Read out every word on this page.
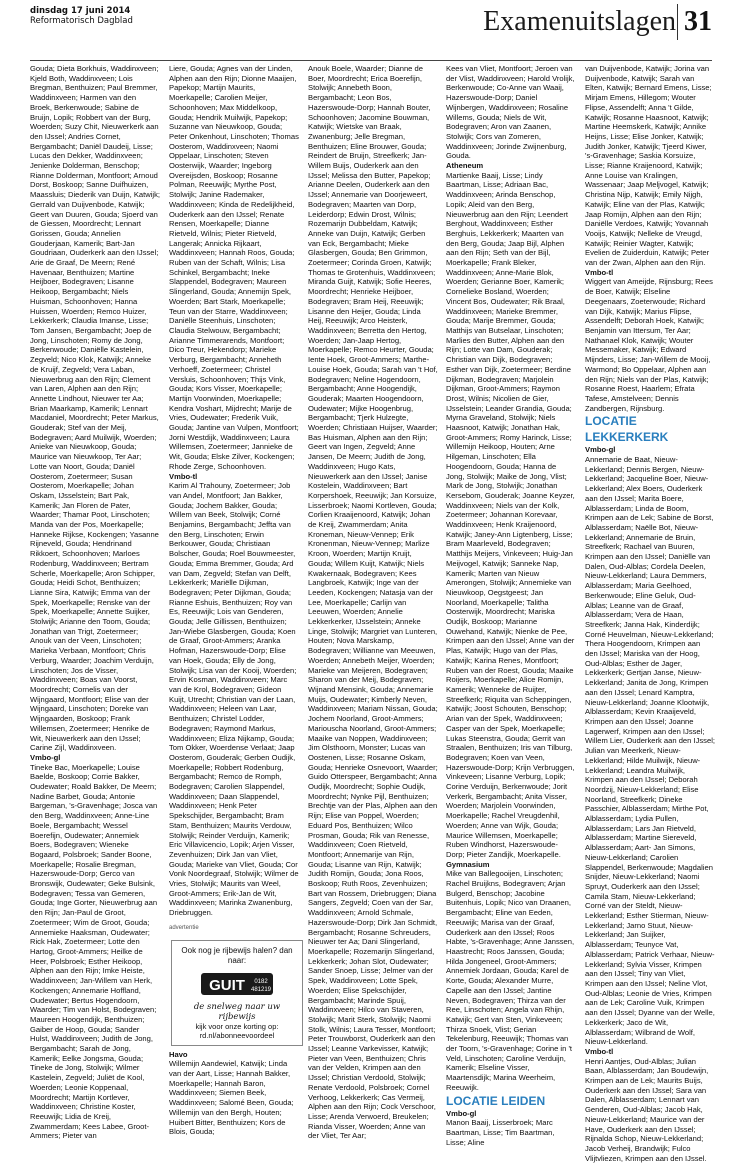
dinsdag 17 juni 2014
Reformatorisch Dagblad	Examenuitslagen 31

Gouda; Dieta Borkhuis, Waddinxveen; Kjeld Both, Waddinxveen; Lois Bregman, Benthuizen; Paul Bremmer, Waddinxveen; Harmen van den Broek, Berkenwoude; Sabine de Bruijn, Lopik; Robbert van der Burg, Woerden; Suzy Chit, Nieuwerkerk aan den IJssel; Andries Cornet, Bergambacht; Daniël Daudeij, Lisse; Lucas den Dekker, Waddinxveen; Jenienke Dolderman, Benschop; Rianne Dolderman, Montfoort; Arnoud Dorst, Boskoop; Sanne Duifhuizen, Maassluis; Diederik van Duijn, Katwijk; Gerrald van Duijvenbode, Katwijk; Geert van Duuren, Gouda; Sjoerd van de Giessen, Moordrecht; Lennart Gorissen, Gouda; Annelien Gouderjaan, Kamerik; Bart-Jan Goudriaan, Ouderkerk aan den IJssel; Arie de Graaf, De Meern; René Havenaar, Benthuizen; Martine Heijboer, Bodegraven; Lisanne Heikoop, Bergambacht; Niels Huisman, Schoonhoven; Hanna Huissen, Woerden; Remco Huizer, Lekkerkerk; Claudia Imanse, Lisse; Tom Jansen, Bergambacht; Joep de Jong, Linschoten; Romy de Jong, Berkenwoude; Daniëlle Kastelein, Zegveld; Nico Klok, Katwijk; Anneke de Kruijf, Zegveld; Vera Laban, Nieuwerbrug aan den Rijn; Clement van Laren, Alphen aan den Rijn; Annette Lindhout, Nieuwer ter Aa; Brian Maarkamp, Kamerik; Lennart Macdaniel, Moordrecht; Peter Markus, Gouderak; Stef van der Meij, Bodegraven; Aard Muilwijk, Woerden; Anieke van Nieuwkoop, Gouda; Maurice van Nieuwkoop, Ter Aar; Lotte van Noort, Gouda; Daniël Oosterom, Zoetermeer; Susan Oosterom, Moerkapelle; Johan Oskam, IJsselstein; Bart Pak, Kamerik; Jan Floren de Pater, Waarder; Thamar Poot, Linschoten; Manda van der Pos, Moerkapelle; Hanneke Rijkse, Kockengen; Yasanne Rijneveld, Gouda; Hendrinand Rikkoert, Schoonhoven; Marloes Rodenburg, Waddinxveen; Bertram Scherle, Moerkapelle; Aron Schipper, Gouda; Heidi Schot, Benthuizen; Lianne Sira, Katwijk; Emma van der Spek, Moerkapelle; Renske van der Spek, Moerkapelle; Annette Suijker, Stolwijk; Arianne den Toom, Gouda; Jonathan van Trigt, Zoetermeer; Anouk van der Veen, Linschoten; Marieka Verbaan, Montfoort; Chris Verburg, Waarder; Joachim Verduijn, Linschoten; Jos de Visser, Waddinxveen; Boas van Voorst, Moordrecht; Cornelis van der Wijngaard, Montfoort; Elise van der Wijngaard, Linschoten; Doreke van Wijngaarden, Boskoop; Frank Willemsen, Zoetermeer; Henrike de Wit, Nieuwerkerk aan den IJssel; Carine Zijl, Waddinxveen.

Vmbo-gl

Tineke Bac, Moerkapelle; Louise Baelde, Boskoop; Corrie Bakker, Oudewater; Roald Bakker, De Meern; Nadine Barbet, Gouda; Antonie Bargeman, 's-Gravenhage; Josca van den Berg, Waddinxveen; Anne-Line Boele, Bergambacht; Wessel Boerefijn, Oudewater; Annemiek Boers, Bodegraven; Wieneke Bogaard, Polsbroek; Sander Boone, Moerkapelle; Rosalie Bregman, Hazerswoude-Dorp; Gerco van Bronswijk, Oudewater; Geke Bulsink, Bodegraven; Tessa van Gemeren, Gouda; Inge Gorter, Nieuwerbrug aan den Rijn; Jan-Paul de Groot, Zoetermeer; Wim de Groot, Gouda; Annemieke Haaksman, Oudewater; Rick Hak, Zoetermeer; Lotte den Hartog, Groot-Ammers; Heilke de Heer, Polsbroek; Esther Heikoop, Alphen aan den Rijn; Imke Heiste, Waddinxveen; Jan-Willem van Herk, Kockengen; Annemarie Hoffland, Oudewater; Bertus Hogendoorn, Waarder; Tim van Holst, Bodegraven; Maureen Hoogendijk, Benthuizen; Gaiber de Hoop, Gouda; Sander Hulst, Waddinxveen; Judith de Jong, Bergambacht; Sarah de Jong, Kamerik; Eelke Jongsma, Gouda; Tineke de Jong, Stolwijk; Wilmer Kastelein, Zegveld; Juliët de Kool, Woerden; Leonie Koppenaal, Moordrecht; Martijn Kortlever, Waddinxveen; Christine Koster, Reeuwijk; Lidia de Kreij, Zwammerdam; Kees Labee, Groot-Ammers; Pieter van

Liere, Gouda; Agnes van der Linden, Alphen aan den Rijn; Dionne Maaijen, Papekop; Martijn Maurits, Moerkapelle; Carolien Meijer, Schoonhoven; Max Middelkoop, Gouda; Hendrik Muilwijk, Papekop; Suzanne van Nieuwkoop, Gouda; Peter Onkenhout, Linschoten; Thomas Oosterom, Waddinxveen; Naomi Oppelaar, Linschoten; Steven Oosterwijk, Waarder; Ingeborg Overeijsden, Boskoop; Rosanne Polman, Reeuwijk; Myrthe Post, Stolwijk; Janine Rademaker, Waddinxveen; Kinda de Redelijkheid, Ouderkerk aan den IJssel; Renate Rensen, Moerkapelle; Dianne Rietveld, Wilnis; Pieter Rietveld, Langerak; Annicka Rijkaart, Waddinxveen; Hannah Roos, Gouda; Ruben van der Schaft, Wilnis; Lisa Schinkel, Bergambacht; Ineke Slappendel, Bodegraven; Maureen Slingerland, Gouda; Annemijn Spek, Woerden; Bart Stark, Moerkapelle; Teun van der Starre, Waddinxveen; Daniëlle Steenhuis, Linschoten; Claudia Stelwouw, Bergambacht; Arianne Timmerarends, Montfoort; Dico Treur, Hekendorp; Marieke Verburg, Bergambacht; Anneheth Verhoeff, Zoetermeer; Christel Versluis, Schoonhoven; Thijs Vink, Gouda; Kors Visser, Moerkapelle; Martijn Voorwinden, Moerkapelle; Kendra Voshart, Mijdrecht; Marije de Vries, Oudewater; Frederik Vuik, Gouda; Jantine van Vulpen, Montfoort; Jorni Westdijk, Waddinxveen; Laura Willemsen, Zoetermeer; Jannieke de Wit, Gouda; Elske Zilver, Kockengen; Rhode Zerge, Schoonhoven.

Vmbo-tl

Karim Al Trahouny, Zoetermeer; Job van Andel, Montfoort; Jan Bakker, Gouda; Jochem Bakker, Gouda; Willem van Beek, Stolwijk; Corné Benjamins, Bergambacht; Jeffta van den Berg, Linschoten; Erwin Berkouwer, Gouda; Christiaan Bolscher, Gouda; Roel Bouwmeester, Gouda; Emma Bremmer, Gouda; Ard van Dam, Zegveld; Stefan van Delft, Lekkerkerk; Mariëlle Dijkman, Bodegraven; Peter Dijkman, Gouda; Rianne Eshuis, Benthuizen; Roy van Es, Reeuwijk; Lois van Genderen, Gouda; Jelle Gillissen, Benthuizen; Jan-Wiebe Glasbergen, Gouda; Koen de Graaf, Groot-Ammers; Aranka Hofman, Hazerswoude-Dorp; Elise van Hoek, Gouda; Elly de Jong, Stolwijk; Lisa van der Kooij, Woerden; Ervin Kosman, Waddinxveen; Marc van de Krol, Bodegraven; Gideon Kuijt, Utrecht; Christian van der Laan, Waddinxveen; Heleen van Laar, Benthuizen; Christel Lodder, Bodegraven; Raymond Markus, Waddinxveen; Eliza Nijkamp, Gouda; Tom Okker, Woerdense Verlaat; Jaap Oosterom, Gouderak; Gerben Oudijk, Moerkapelle; Robbert Rodenburg, Bergambacht; Remco de Romph, Bodegraven; Carolien Slappendel, Waddinxveen; Daan Slappendel, Waddinxveen; Henk Peter Spekschijder, Bergambacht; Bram Stam, Benthuizen; Maurits Verdouw, Stolwijk; Reinder Verduijn, Kamerik; Eric Villavicencio, Lopik; Arjen Visser, Zevenhuizen; Dirk Jan van Vliet, Gouda; Marieke van Vliet, Gouda; Cor Vonk Noordegraaf, Stolwijk; Wilmer de Vries, Stolwijk; Maurits van Weel, Groot-Ammers; Erik-Jan de Wit, Waddinxveen; Marinka Zwanenburg, Driebruggen.

advertentie
Ook nog je rijbewijs halen? dan naar:
GUIT 0182
481219
de snelweg naar uw rijbewijs
kijk voor onze korting op:
rd.nl/abonneevoordeel

Havo

Willemijn Aandewiel, Katwijk; Linda van der Aart, Lisse; Hannah Bakker, Moerkapelle; Hannah Baron, Waddinxveen; Siemen Beek, Waddinxveen; Salomé Been, Gouda; Willemijn van den Bergh, Houten; Huibert Bitter, Benthuizen; Kors de Blois, Gouda;

Anouk Boele, Waarder; Dianne de Boer, Moordrecht; Erica Boerefijn, Stolwijk; Annebeth Boon, Bergambacht; Leon Bos, Hazerswoude-Dorp; Hannah Bouter, Schoonhoven; Jacomine Bouwman, Katwijk; Wietske van Braak, Zwanenburg; Jelle Bregman, Benthuizen; Eline Brouwer, Gouda; Reindert de Bruijn, Streefkerk; Jan-Willem Buijs, Ouderkerk aan den IJssel; Melissa den Butter, Papekop; Arianne Deelen, Ouderkerk aan den IJssel; Annemarie van Doorjeweert, Bodegraven; Maarten van Dorp, Leiderdorp; Edwin Drost, Wilnis; Rozemarijn Dubbeldam, Katwijk; Anneke van Duijn, Katwijk; Gerben van Eck, Bergambacht; Mieke Glasbergen, Gouda; Ben Grimmon, Zoetermeer; Corinda Groen, Katwijk; Thomas te Grotenhuis, Waddinxveen; Miranda Guijt, Katwijk; Sofie Heeres, Moordrecht; Henrieke Heijboer, Bodegraven; Bram Heij, Reeuwijk; Lisanne den Heijer, Gouda; Linda Heij, Reeuwijk; Arco Heisterk, Waddinxveen; Berretta den Hertog, Woerden; Jan-Jaap Hertog, Moerkapelle; Remco Heurter, Gouda; Iente Hoek, Groot-Ammers; Marthe-Louise Hoek, Gouda; Sarah van 't Hof, Bodegraven; Neline Hogendoorn, Bergambacht; Anne Hoogendijk, Gouderak; Maarten Hoogendoorn, Oudewater; Mijke Hoogenbrug, Bergambacht; Tjerk Hulzegte, Woerden; Christiaan Huijser, Waarder; Bas Huisman, Alphen aan den Rijn; Geert van Ingen, Zegveld; Anne Jansen, De Meern; Judith de Jong, Waddinxveen; Hugo Kats, Nieuwerkerk aan den IJssel; Janise Kostelein, Waddinxveen; Bart Korpershoek, Reeuwijk; Jan Korsuize, Lisserbroek; Naomi Kortleven, Gouda; Corlien Kraaijenoord, Katwijk; Johan de Kreij, Zwammerdam; Anita Kroneman, Nieuw-Vennep; Erik Kronenman, Nieuw-Vennep; Marlize Kroon, Woerden; Martijn Kruijt, Gouda; Willem Kuijt, Katwijk; Niels Kwakernaak, Bodegraven; Kees Langbroek, Katwijk; Inge van der Leeden, Kockengen; Natasja van der Lee, Moerkapelle; Carlijn van Leeuwen, Woerden; Annelie Lekkerkerker, IJsselstein; Anneke Linge, Stolwijk; Margriet van Lunteren, Houten; Nova Marskamp, Bodegraven; Willianne van Meeuwen, Woerden; Annebeth Meijer, Woerden; Marieke van Meijeren, Bodegraven; Sharon van der Meij, Bodegraven; Wijnand Mensink, Gouda; Annemarie Muijs, Oudewater; Kimberly Neven, Waddinxveen; Mariam Nissan, Gouda; Jochem Noorland, Groot-Ammers; Mariouscha Noorland, Groot-Ammers; Maaike van Noppen, Waddinxveen; Jim Olsthoorn, Monster; Lucas van Oostenen, Lisse; Rosanne Oskam, Gouda; Henrieke Osnevoort, Waarder; Guido Otterspeer, Bergambacht; Anna Oudijk, Moordrecht; Sophie Oudijk, Moordrecht; Nynke Pijl, Benthuizen; Brechtje van der Plas, Alphen aan den Rijn; Elise van Poppel, Woerden; Eduard Pos, Benthuizen; Wilco Prosman, Gouda; Rik van Renesse, Waddinxveen; Coen Rietveld, Montfoort; Annemarije van Rijn, Gouda; Lisanne van Rijn, Katwijk; Judith Romijn, Gouda; Jona Roos, Boskoop; Ruth Roos, Zevenhuizen; Bart van Rossem, Driebruggen; Diana Sangers, Zegveld; Coen van der Sar, Waddinxveen; Arnold Schmale, Hazerswoude-Dorp; Dirk Jan Schmidt, Bergambacht; Rosanne Schreuders, Nieuwer ter Aa; Dani Slingerland, Moerkapelle; Rozemarijn Slingerland, Lekkerkerk; Johan Slot, Oudewater; Sander Snoep, Lisse; Jelmer van der Spek, Waddinxveen; Lotte Spek, Woerden; Elise Spekschijder, Bergambacht; Marinde Spuij, Waddinxveen; Hilco van Staveren, Stolwijk; Marit Sterk, Stolwijk; Naomi Stolk, Wilnis; Laura Tesser, Montfoort; Peter Trouwborst, Ouderkerk aan den IJssel; Leanne Varkevisser, Katwijk; Pieter van Veen, Benthuizen; Chris van der Velden, Krimpen aan den IJssel; Christian Verdoold, Stolwijk; Renate Verdoold, Polsbroek; Cornel Verhoog, Lekkerkerk; Cas Vermeij, Alphen aan den Rijn; Cock Verschoor, Lisse; Arenda Verwoerd, Breukelen; Rianda Visser, Woerden; Anne van der Vliet, Ter Aar;

Kees van Vliet, Montfoort; Jeroen van der Vlist, Waddinxveen; Harold Vrolijk, Berkenwoude; Co-Anne van Waaij, Hazerswoude-Dorp; Daniel Wijnbergen, Waddinxveen; Rosaline Willems, Gouda; Niels de Wit, Bodegraven; Aron van Zaanen, Stolwijk; Cors van Zomeren, Waddinxveen; Jorinde Zwijnenburg, Gouda.

Atheneum

Martienke Baaij, Lisse; Lindy Baartman, Lisse; Adriaan Bac, Waddinxveen; Arinda Benschop, Lopik; Aleid van den Berg, Nieuwerbrug aan den Rijn; Leendert Berghout, Waddinxveen; Esther Berghuis, Lekkerkerk; Maarten van den Berg, Gouda; Jaap Bijl, Alphen aan den Rijn; Seth van der Bijl, Moerkapelle; Frank Bleker, Waddinxveen; Anne-Marie Blok, Woerden; Gerianne Boer, Kamerik; Cornelieke Bosland, Woerden; Vincent Bos, Oudewater; Rik Braal, Waddinxveen; Marieke Bremmer, Gouda; Marije Bremmer, Gouda; Matthijs van Butselaar, Linschoten; Marlies den Butter, Alphen aan den Rijn; Lotte van Dam, Gouderak; Christian van Dijk, Bodegraven; Esther van Dijk, Zoetermeer; Berdine Dijkman, Bodegraven; Marjolein Dijkman, Groot-Ammers; Raymon Drost, Wilnis; Nicolien de Gier, IJsselstein; Leander Grandia, Gouda; Myrna Graveland, Stolwijk; Niels Haasnoot, Katwijk; Jonathan Hak, Groot-Ammers; Romy Harinck, Lisse; Willemijn Heikoop, Houten; Arne Hilgeman, Linschoten; Ella Hoogendoorn, Gouda; Hanna de Jong, Stolwijk; Maike de Jong, Vlist; Mark de Jong, Stolwijk; Jonathan Kersebom, Gouderak; Joanne Keyzer, Waddinxveen; Niels van der Kolk, Zoetermeer; Johannan Korevaar, Waddinxveen; Henk Kraijenoord, Katwijk; Janey-Ann Ligtenberg, Lisse; Bram Maarleveld, Bodegraven; Matthijs Meijers, Vinkeveen; Huig-Jan Meijvogel, Katwijk; Sanneke Nap, Kamerik; Marten van Nieuw Amerongen, Stolwijk; Annemieke van Nieuwkoop, Oegstgeest; Jan Noorland, Moerkapelle; Talitha Oosterwijk, Moordrecht; Mariska Oudijk, Boskoop; Marianne Ouwehand, Katwijk; Nienke de Pee, Krimpen aan den IJssel; Anne van der Plas, Katwijk; Hugo van der Plas, Katwijk; Karina Renes, Montfoort; Ruben van der Roest, Gouda; Maaike Roijers, Moerkapelle; Alice Romijn, Kamerik; Wenneke de Ruijter, Streefkerk; Riquita van Scheppingen, Katwijk; Joost Schouten, Benschop; Arian van der Spek, Waddinxveen; Casper van der Spek, Moerkapelle; Lukas Steenstra, Gouda; Gerrit van Straalen, Benthuizen; Iris van Tilburg, Bodegraven; Koen van Veen, Hazerswoude-Dorp; Krijn Verbruggen, Vinkeveen; Lisanne Verburg, Lopik; Corine Verduijn, Berkenwoude; Jorit Verkerk, Bergambacht; Anita Visser, Woerden; Marjolein Voorwinden, Moerkapelle; Rachel Vreugdenhil, Woerden; Anne van Wijk, Gouda; Maurice Willemsen, Moerkapelle; Ruben Windhorst, Hazerswoude-Dorp; Pieter Zandijk, Moerkapelle.

Gymnasium

Mike van Ballegooijen, Linschoten; Rachel Bruijkns, Bodegraven; Arjan Bulgerd, Benschop; Jacobine Buitenhuis, Lopik; Nico van Draanen, Bergambacht; Eline van Eeden, Reeuwijk; Marisa van der Graaf, Ouderkerk aan den IJssel; Roos Habte, 's-Gravenhage; Anne Janssen, Haastrecht; Roos Janssen, Gouda; Hilda Jongeneel, Groot-Ammers; Annemiek Jordaan, Gouda; Karel de Korte, Gouda; Alexander Murre, Capelle aan den IJssel; Jantine Neven, Bodegraven; Thirza van der Ree, Linschoten; Angela van Rhijn, Katwijk; Gert van Sten, Vinkeveen; Thirza Snoek, Vlist; Gerian Tekelenburg, Reeuwijk; Thomas van der Toorn, 's-Gravenhage; Corine in 't Veld, Linschoten; Caroline Verduijn, Kamerik; Elseline Visser, Maartensdijk; Marina Weerheim, Reeuwijk.

LOCATIE LEIDEN

Vmbo-gl

Manon Baaij, Lisserbroek; Marc Baartman, Lisse; Tim Baartman, Lisse; Aline

van Duijvenbode, Katwijk; Jorina van Duijvenbode, Katwijk; Sarah van Elten, Katwijk; Bernard Emens, Lisse; Mirjam Emens, Hillegom; Wouter Flipse, Assendelft; Anna 't Gilde, Katwijk; Rosanne Haasnoot, Katwijk; Martine Heemskerk, Katwijk; Annike Heijns, Lisse; Elise Jonker, Katwijk; Judith Jonker, Katwijk; Tjeerd Kiwer, 's-Gravenhage; Saskia Korsuize, Lisse; Rianne Kraijenoord, Katwijk; Anne Louise van Kralingen, Wassenaar; Jaap Meljvogel, Katwijk; Christina Nijp, Katwijk; Emily Nijgh, Katwijk; Eline van der Plas, Katwijk; Jaap Romijn, Alphen aan den Rijn; Daniëlle Verdoes, Katwijk; Yovannah Vooijs, Katwijk; Nelleke de Vreugd, Katwijk; Reinier Wagter, Katwijk; Evelien de Zuiderduin, Katwijk; Peter van der Zwan, Alphen aan den Rijn.

Vmbo-tl

Wiggert van Ameijde, Rijnsburg; Rees de Boer, Katwijk; Elseline Deegenaars, Zoeterwoude; Richard van Dijk, Katwijk; Marius Flipse, Assendelft; Deborah Hoek, Katwijk; Benjamin van Ittersum, Ter Aar; Nathanael Klok, Katwijk; Wouter Messemaker, Katwijk; Edward Mijnders, Lisse; Jan-Willem de Mooij, Warmond; Bo Oppelaar, Alphen aan den Rijn; Niels van der Plas, Katwijk; Rosanne Roest, Haarlem; Efrata Tafese, Amstelveen; Dennis Zandbergen, Rijnsburg.

LOCATIE LEKKERKERK

Vmbo-gl

Annemarie de Baat, Nieuw-Lekkerland; Dennis Bergen, Nieuw-Lekkerland; Jacqueline Boer, Nieuw-Lekkerland; Alex Boers, Ouderkerk aan den IJssel; Marita Boere, Alblasserdam; Linda de Boom, Krimpen aan de Lek; Sabine de Borst, Alblasserdam; Naëlle Bot, Nieuw-Lekkerland; Annemarie de Bruin, Streefkerk; Rachael van Buuren, Krimpen aan den IJssel; Daniëlle van Dalen, Oud-Alblas; Cordela Deelen, Nieuw-Lekkerland; Laura Demmers, Alblasserdam; Maria Geelhoed, Berkenwoude; Eline Geluk, Oud-Alblas; Leanne van de Graaf, Alblasserdam; Vera de Haan, Streefkerk; Janna Hak, Kinderdijk; Corné Heuvelman, Nieuw-Lekkerland; Thera Hoogendoorn, Krimpen aan den IJssel; Mariska van der Hoog, Oud-Alblas; Esther de Jager, Lekkerkerk; Gertjan Janse, Nieuw-Lekkerland; Janita de Jong, Krimpen aan den IJssel; Lenard Kamptra, Nieuw-Lekkerland; Joanne Klootwijk, Alblasserdam; Kevin Kraaijeveld, Krimpen aan den IJssel; Joanne Lagerwerf, Krimpen aan den IJssel; Willem Lier, Ouderkerk aan den IJssel; Julian van Meerkerk, Nieuw-Lekkerland; Hilde Muilwijk, Nieuw-Lekkerland; Leandra Muilwijk, Krimpen aan den IJssel; Deborah Noordzij, Nieuw-Lekkerland; Elise Noorland, Streefkerk; Dineke Passchier, Alblasserdam; Mirthe Pot, Alblasserdam; Lydia Pullen, Alblasserdam; Lars Jan Rietveld, Alblasserdam; Martine Siereveld, Alblasserdam; Aart- Jan Simons, Nieuw-Lekkerland; Carolien Slappendel, Berkenwoude; Magdalien Snijder, Nieuw-Lekkerland; Naomi Spruyt, Ouderkerk aan den IJssel; Camila Stam, Nieuw-Lekkerland; Corné van der Steldt, Nieuw-Lekkerland; Esther Stierman, Nieuw-Lekkerland; Jarno Stuut, Nieuw-Lekkerland; Jan Suijker, Alblasserdam; Teunyce Vat, Alblasserdam; Patrick Verhaar, Nieuw-Lekkerland; Sylvia Visser, Krimpen aan den IJssel; Tiny van Vliet, Krimpen aan den IJssel; Neline Vlot, Oud-Alblas; Leonie de Vries, Krimpen aan de Lek; Caroline Vuik, Krimpen aan den IJssel; Dyanne van der Welle, Lekkerkerk; Jaco de Wit, Alblasserdam; Wilbrand de Wolf, Nieuw-Lekkerland.

Vmbo-tl

Henri Aantjes, Oud-Alblas; Julian Baan, Alblasserdam; Jan Boudewijn, Krimpen aan de Lek; Maurits Buijs, Ouderkerk aan den IJssel; Sara van Dalen, Alblasserdam; Lennart van Genderen, Oud-Alblas; Jacob Hak, Nieuw-Lekkerland; Maurice van der Have, Ouderkerk aan den IJssel; Rijnalda Schop, Nieuw-Lekkerland; Jacob Verheij, Brandwijk; Fulco Vlijtvliezen, Krimpen aan den IJssel.
